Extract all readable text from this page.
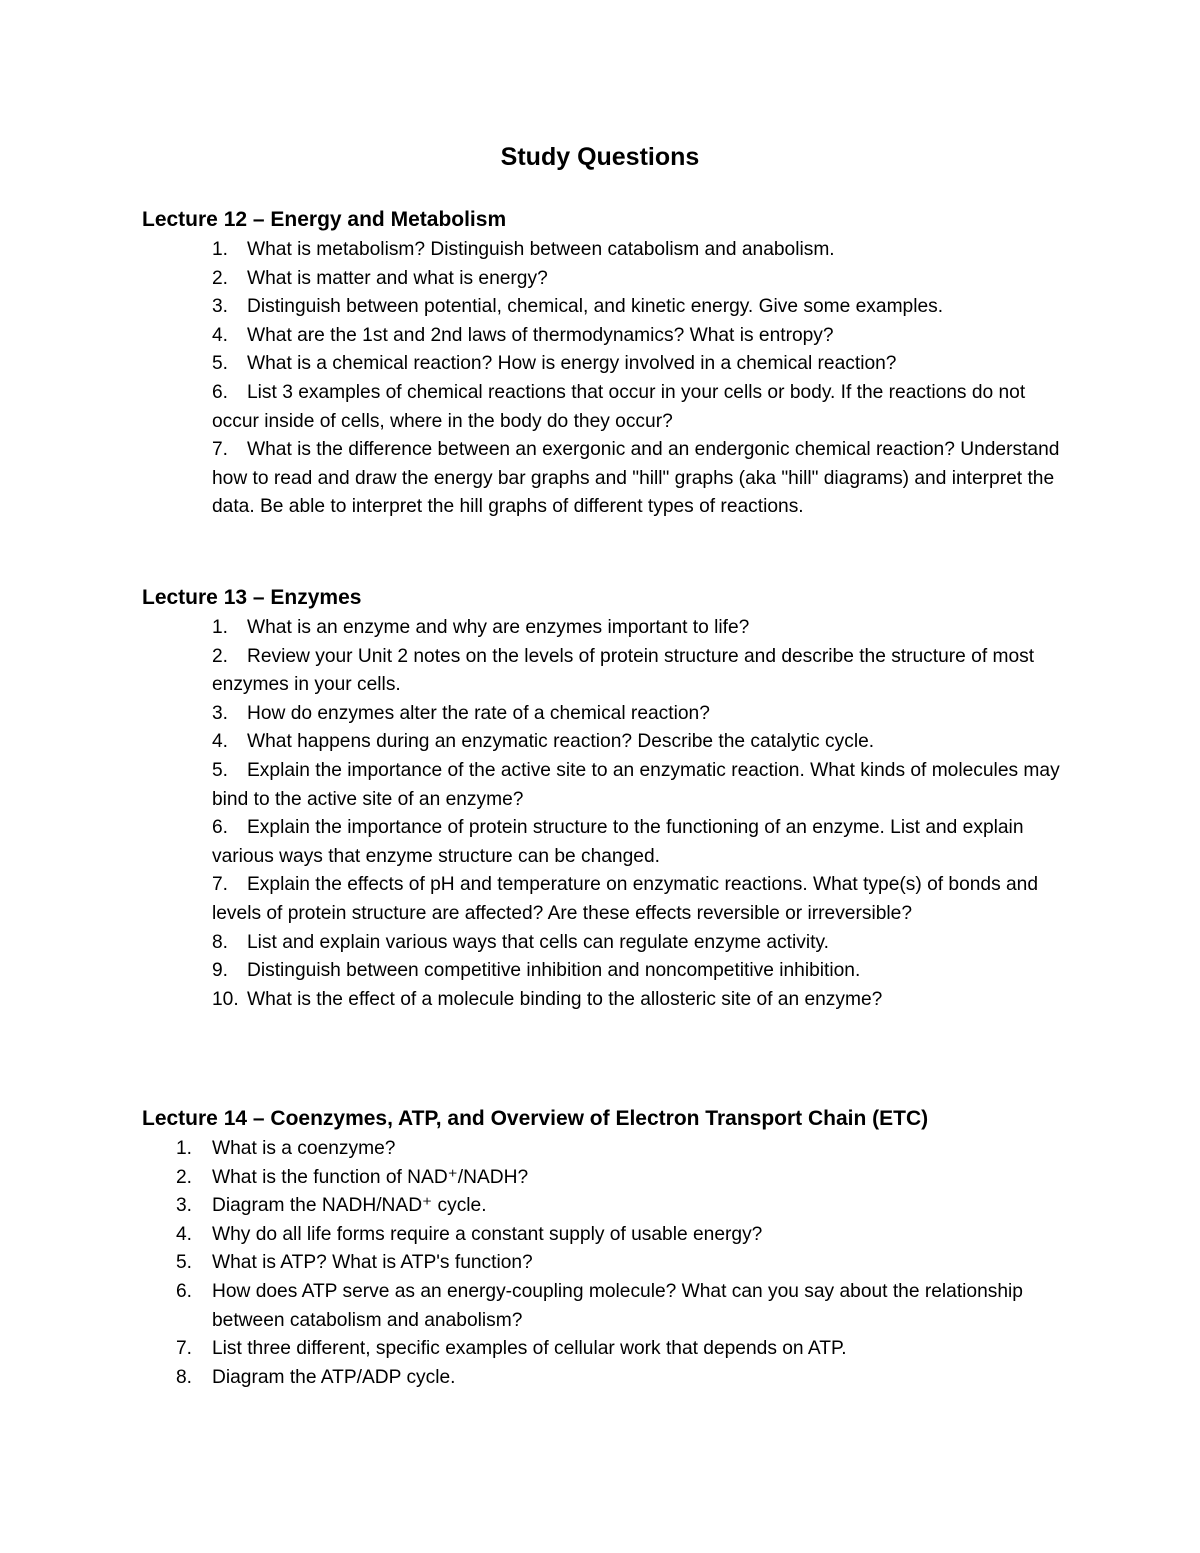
Study Questions
Lecture 12 – Energy and Metabolism
1. What is metabolism? Distinguish between catabolism and anabolism.
2. What is matter and what is energy?
3. Distinguish between potential, chemical, and kinetic energy. Give some examples.
4. What are the 1st and 2nd laws of thermodynamics? What is entropy?
5. What is a chemical reaction? How is energy involved in a chemical reaction?
6. List 3 examples of chemical reactions that occur in your cells or body. If the reactions do not occur inside of cells, where in the body do they occur?
7. What is the difference between an exergonic and an endergonic chemical reaction? Understand how to read and draw the energy bar graphs and "hill" graphs (aka "hill" diagrams) and interpret the data. Be able to interpret the hill graphs of different types of reactions.
Lecture 13 – Enzymes
1. What is an enzyme and why are enzymes important to life?
2. Review your Unit 2 notes on the levels of protein structure and describe the structure of most enzymes in your cells.
3. How do enzymes alter the rate of a chemical reaction?
4. What happens during an enzymatic reaction? Describe the catalytic cycle.
5. Explain the importance of the active site to an enzymatic reaction. What kinds of molecules may bind to the active site of an enzyme?
6. Explain the importance of protein structure to the functioning of an enzyme. List and explain various ways that enzyme structure can be changed.
7. Explain the effects of pH and temperature on enzymatic reactions. What type(s) of bonds and levels of protein structure are affected? Are these effects reversible or irreversible?
8. List and explain various ways that cells can regulate enzyme activity.
9. Distinguish between competitive inhibition and noncompetitive inhibition.
10. What is the effect of a molecule binding to the allosteric site of an enzyme?
Lecture 14 – Coenzymes, ATP, and Overview of Electron Transport Chain (ETC)
1. What is a coenzyme?
2. What is the function of NAD⁺/NADH?
3. Diagram the NADH/NAD⁺ cycle.
4. Why do all life forms require a constant supply of usable energy?
5. What is ATP? What is ATP's function?
6. How does ATP serve as an energy-coupling molecule? What can you say about the relationship between catabolism and anabolism?
7. List three different, specific examples of cellular work that depends on ATP.
8. Diagram the ATP/ADP cycle.
